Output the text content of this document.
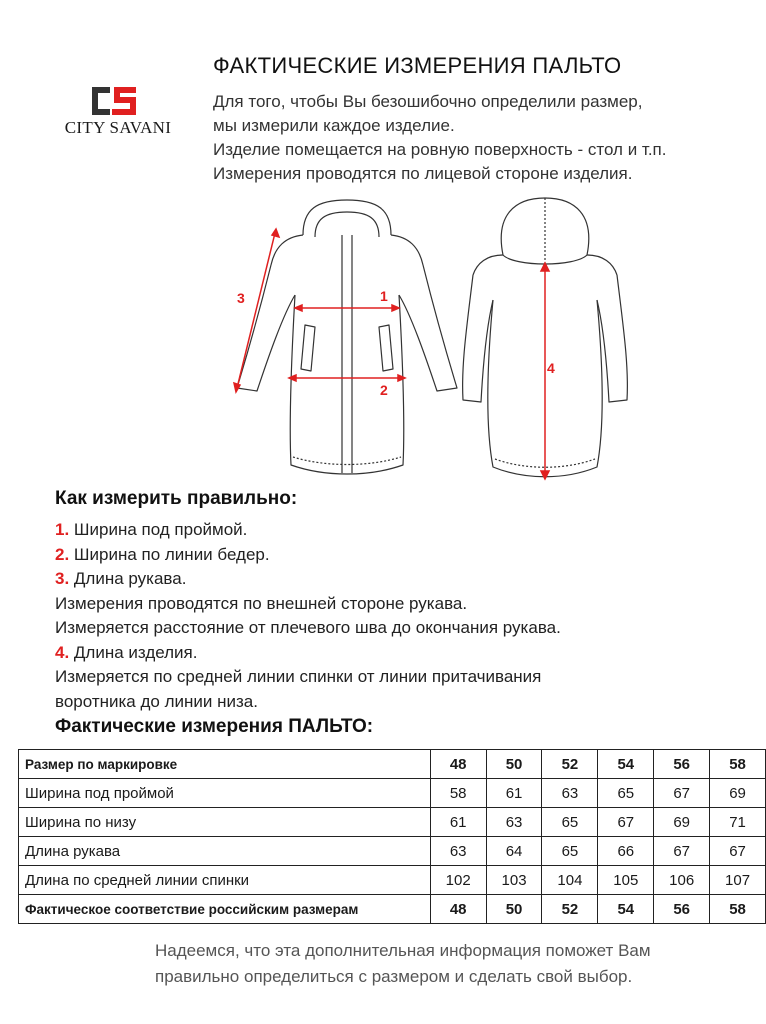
CITY SAVANI
ФАКТИЧЕСКИЕ ИЗМЕРЕНИЯ ПАЛЬТО
Для того, чтобы Вы безошибочно определили размер,
мы измерили каждое изделие.
Изделие помещается на ровную поверхность - стол и т.п.
Измерения проводятся по лицевой стороне изделия.
1
2
3
4
Как измерить правильно:
1. Ширина под проймой.
2. Ширина по линии бедер.
3. Длина рукава.
Измерения проводятся по внешней стороне рукава.
Измеряется расстояние от плечевого шва до окончания рукава.
4. Длина изделия.
Измеряется по средней линии спинки от линии притачивания
воротника до линии низа.
Фактические измерения ПАЛЬТО:
Размер по маркировке	48	50	52	54	56	58
Ширина под проймой	58	61	63	65	67	69
Ширина по низу	61	63	65	67	69	71
Длина рукава	63	64	65	66	67	67
Длина по средней линии спинки	102	103	104	105	106	107
Фактическое соответствие российским размерам	48	50	52	54	56	58
Надеемся, что эта дополнительная информация поможет Вам
правильно определиться с размером и сделать свой выбор.
